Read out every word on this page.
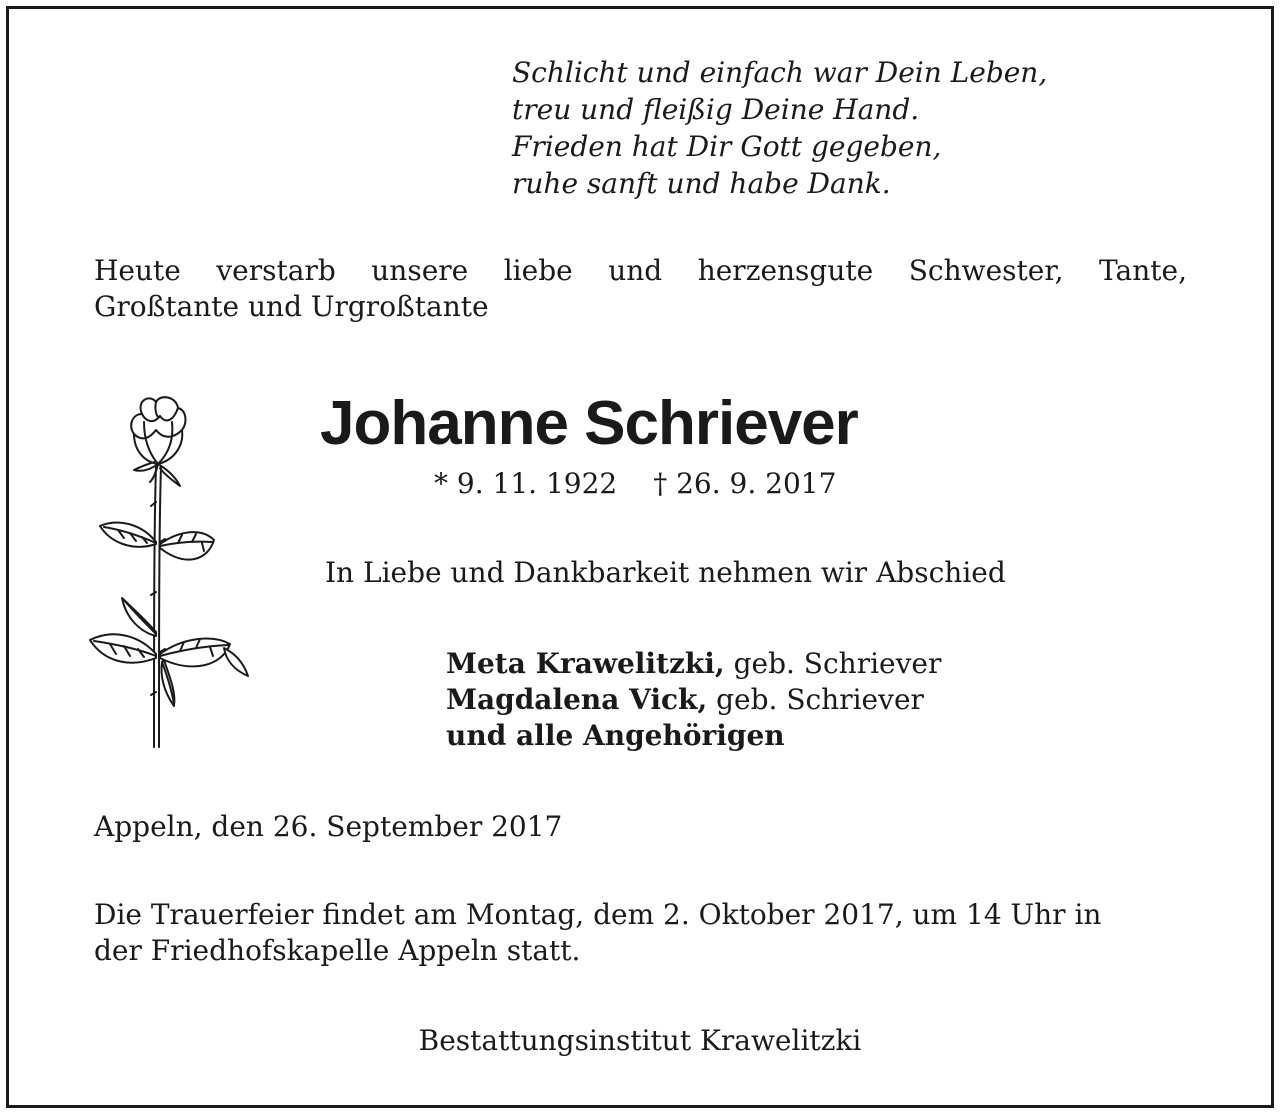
Schlicht und einfach war Dein Leben,
treu und fleißig Deine Hand.
Frieden hat Dir Gott gegeben,
ruhe sanft und habe Dank.
Heute verstarb unsere liebe und herzensgute Schwester, Tante,
Großtante und Urgroßtante
Johanne Schriever
* 9. 11. 1922 † 26. 9. 2017
In Liebe und Dankbarkeit nehmen wir Abschied
Meta Krawelitzki, geb. Schriever
Magdalena Vick, geb. Schriever
und alle Angehörigen
Appeln, den 26. September 2017
Die Trauerfeier findet am Montag, dem 2. Oktober 2017, um 14 Uhr in
der Friedhofskapelle Appeln statt.
Bestattungsinstitut Krawelitzki
